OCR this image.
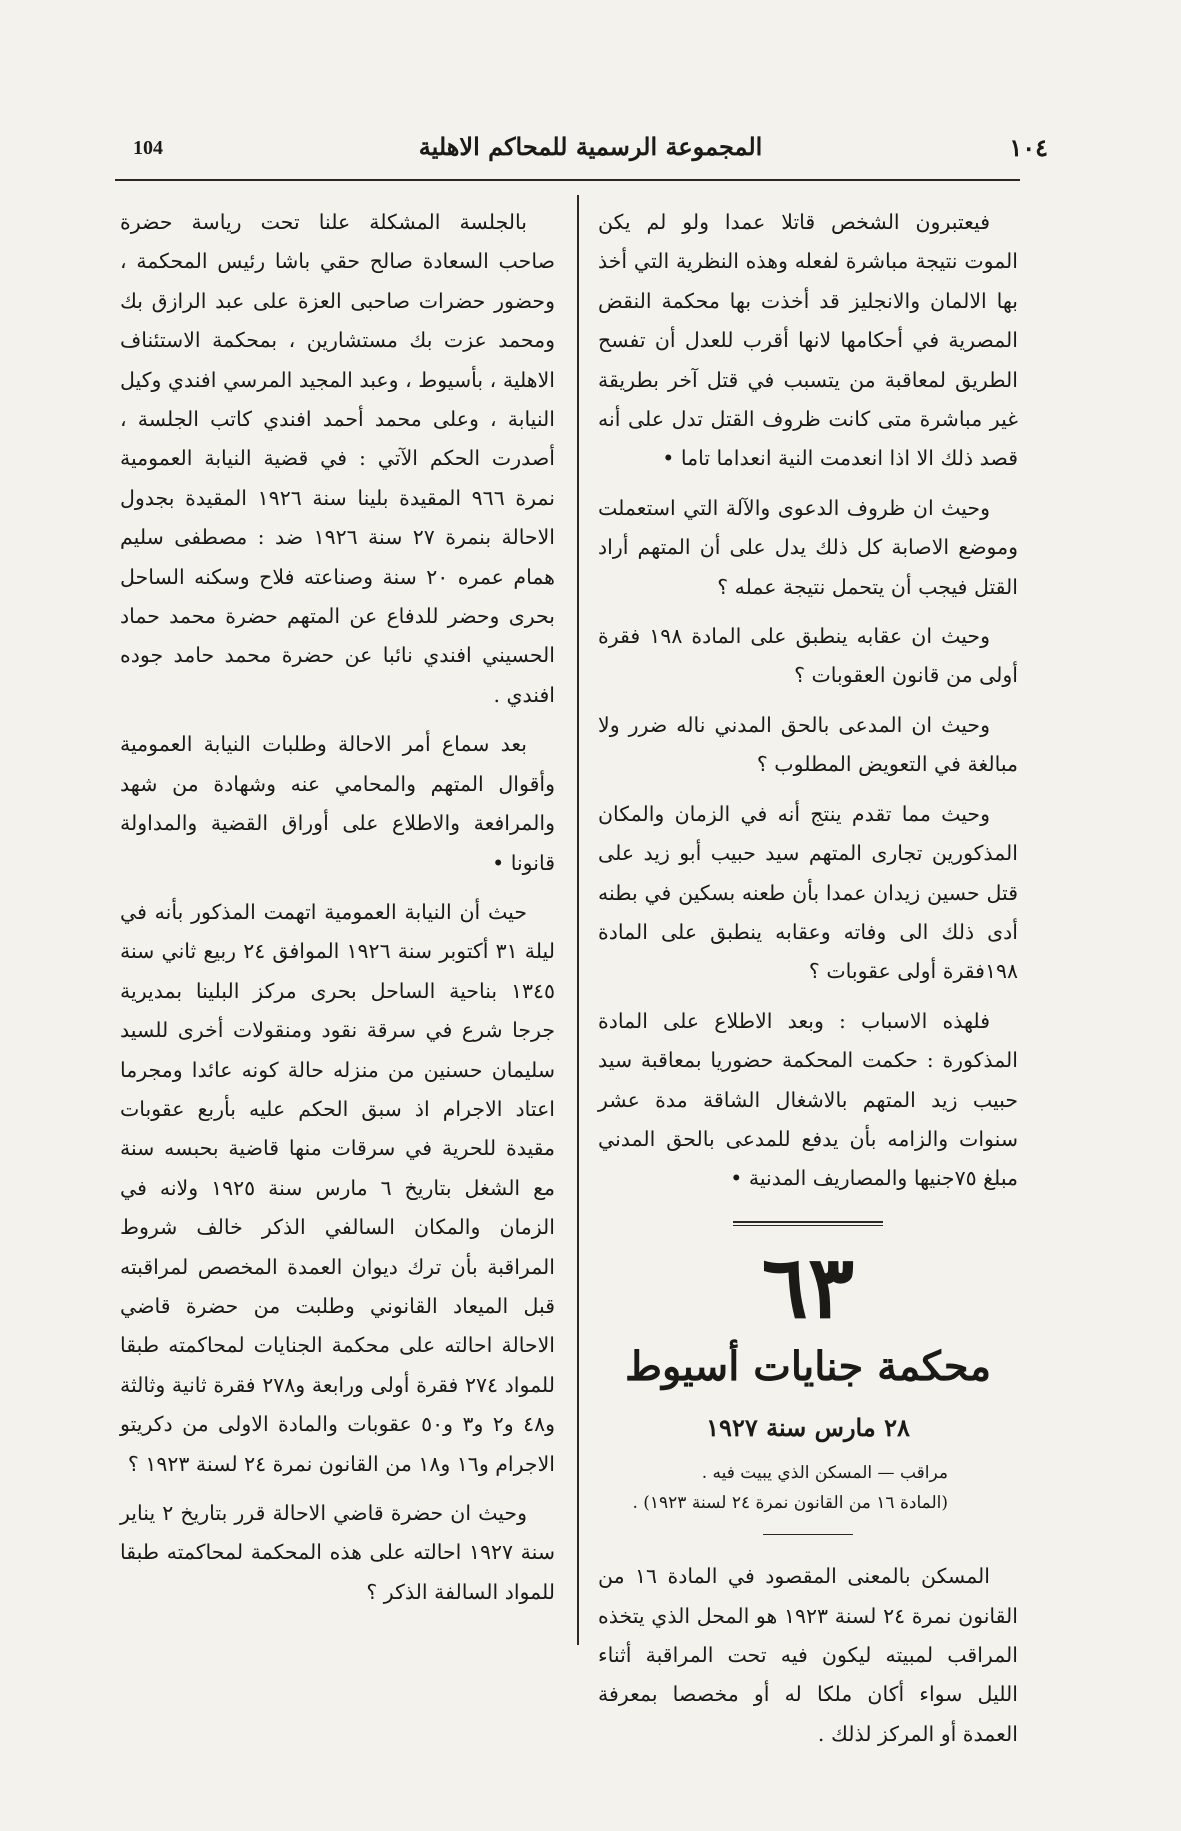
104	المجموعة الرسمية للمحاكم الاهلية	١٠٤

فيعتبرون الشخص قاتلا عمدا ولو لم يكن الموت نتيجة مباشرة لفعله وهذه النظرية التي أخذ بها الالمان والانجليز قد أخذت بها محكمة النقض المصرية في أحكامها لانها أقرب للعدل أن تفسح الطريق لمعاقبة من يتسبب في قتل آخر بطريقة غير مباشرة متى كانت ظروف القتل تدل على أنه قصد ذلك الا اذا انعدمت النية انعداما تاما •

وحيث ان ظروف الدعوى والآلة التي استعملت وموضع الاصابة كل ذلك يدل على أن المتهم أراد القتل فيجب أن يتحمل نتيجة عمله ؟

وحيث ان عقابه ينطبق على المادة ١٩٨ فقرة أولى من قانون العقوبات ؟

وحيث ان المدعى بالحق المدني ناله ضرر ولا مبالغة في التعويض المطلوب ؟

وحيث مما تقدم ينتج أنه في الزمان والمكان المذكورين تجارى المتهم سيد حبيب أبو زيد على قتل حسين زيدان عمدا بأن طعنه بسكين في بطنه أدى ذلك الى وفاته وعقابه ينطبق على المادة ١٩٨فقرة أولى عقوبات ؟

فلهذه الاسباب : وبعد الاطلاع على المادة المذكورة : حكمت المحكمة حضوريا بمعاقبة سيد حبيب زيد المتهم بالاشغال الشاقة مدة عشر سنوات والزامه بأن يدفع للمدعى بالحق المدني مبلغ ٧٥جنيها والمصاريف المدنية •

٦٣
محكمة جنايات أسيوط
٢٨ مارس سنة ١٩٢٧
مراقب — المسكن الذي يبيت فيه .
(المادة ١٦ من القانون نمرة ٢٤ لسنة ١٩٢٣) .

المسكن بالمعنى المقصود في المادة ١٦ من القانون نمرة ٢٤ لسنة ١٩٢٣ هو المحل الذي يتخذه المراقب لمبيته ليكون فيه تحت المراقبة أثناء الليل سواء أكان ملكا له أو مخصصا بمعرفة العمدة أو المركز لذلك .

بالجلسة المشكلة علنا تحت رياسة حضرة صاحب السعادة صالح حقي باشا رئيس المحكمة ، وحضور حضرات صاحبى العزة على عبد الرازق بك ومحمد عزت بك مستشارين ، بمحكمة الاستئناف الاهلية ، بأسيوط ، وعبد المجيد المرسي افندي وكيل النيابة ، وعلى محمد أحمد افندي كاتب الجلسة ، أصدرت الحكم الآتي : في قضية النيابة العمومية نمرة ٩٦٦ المقيدة بلينا سنة ١٩٢٦ المقيدة بجدول الاحالة بنمرة ٢٧ سنة ١٩٢٦ ضد : مصطفى سليم همام عمره ٢٠ سنة وصناعته فلاح وسكنه الساحل بحرى وحضر للدفاع عن المتهم حضرة محمد حماد الحسيني افندي نائبا عن حضرة محمد حامد جوده افندي .

بعد سماع أمر الاحالة وطلبات النيابة العمومية وأقوال المتهم والمحامي عنه وشهادة من شهد والمرافعة والاطلاع على أوراق القضية والمداولة قانونا •

حيث أن النيابة العمومية اتهمت المذكور بأنه في ليلة ٣١ أكتوبر سنة ١٩٢٦ الموافق ٢٤ ربيع ثاني سنة ١٣٤٥ بناحية الساحل بحرى مركز البلينا بمديرية جرجا شرع في سرقة نقود ومنقولات أخرى للسيد سليمان حسنين من منزله حالة كونه عائدا ومجرما اعتاد الاجرام اذ سبق الحكم عليه بأربع عقوبات مقيدة للحرية في سرقات منها قاضية بحبسه سنة مع الشغل بتاريخ ٦ مارس سنة ١٩٢٥ ولانه في الزمان والمكان السالفي الذكر خالف شروط المراقبة بأن ترك ديوان العمدة المخصص لمراقبته قبل الميعاد القانوني وطلبت من حضرة قاضي الاحالة احالته على محكمة الجنايات لمحاكمته طبقا للمواد ٢٧٤ فقرة أولى ورابعة و٢٧٨ فقرة ثانية وثالثة و٤٨ و٢ و٣ و٥٠ عقوبات والمادة الاولى من دكريتو الاجرام و١٦ و١٨ من القانون نمرة ٢٤ لسنة ١٩٢٣ ؟

وحيث ان حضرة قاضي الاحالة قرر بتاريخ ٢ يناير سنة ١٩٢٧ احالته على هذه المحكمة لمحاكمته طبقا للمواد السالفة الذكر ؟
